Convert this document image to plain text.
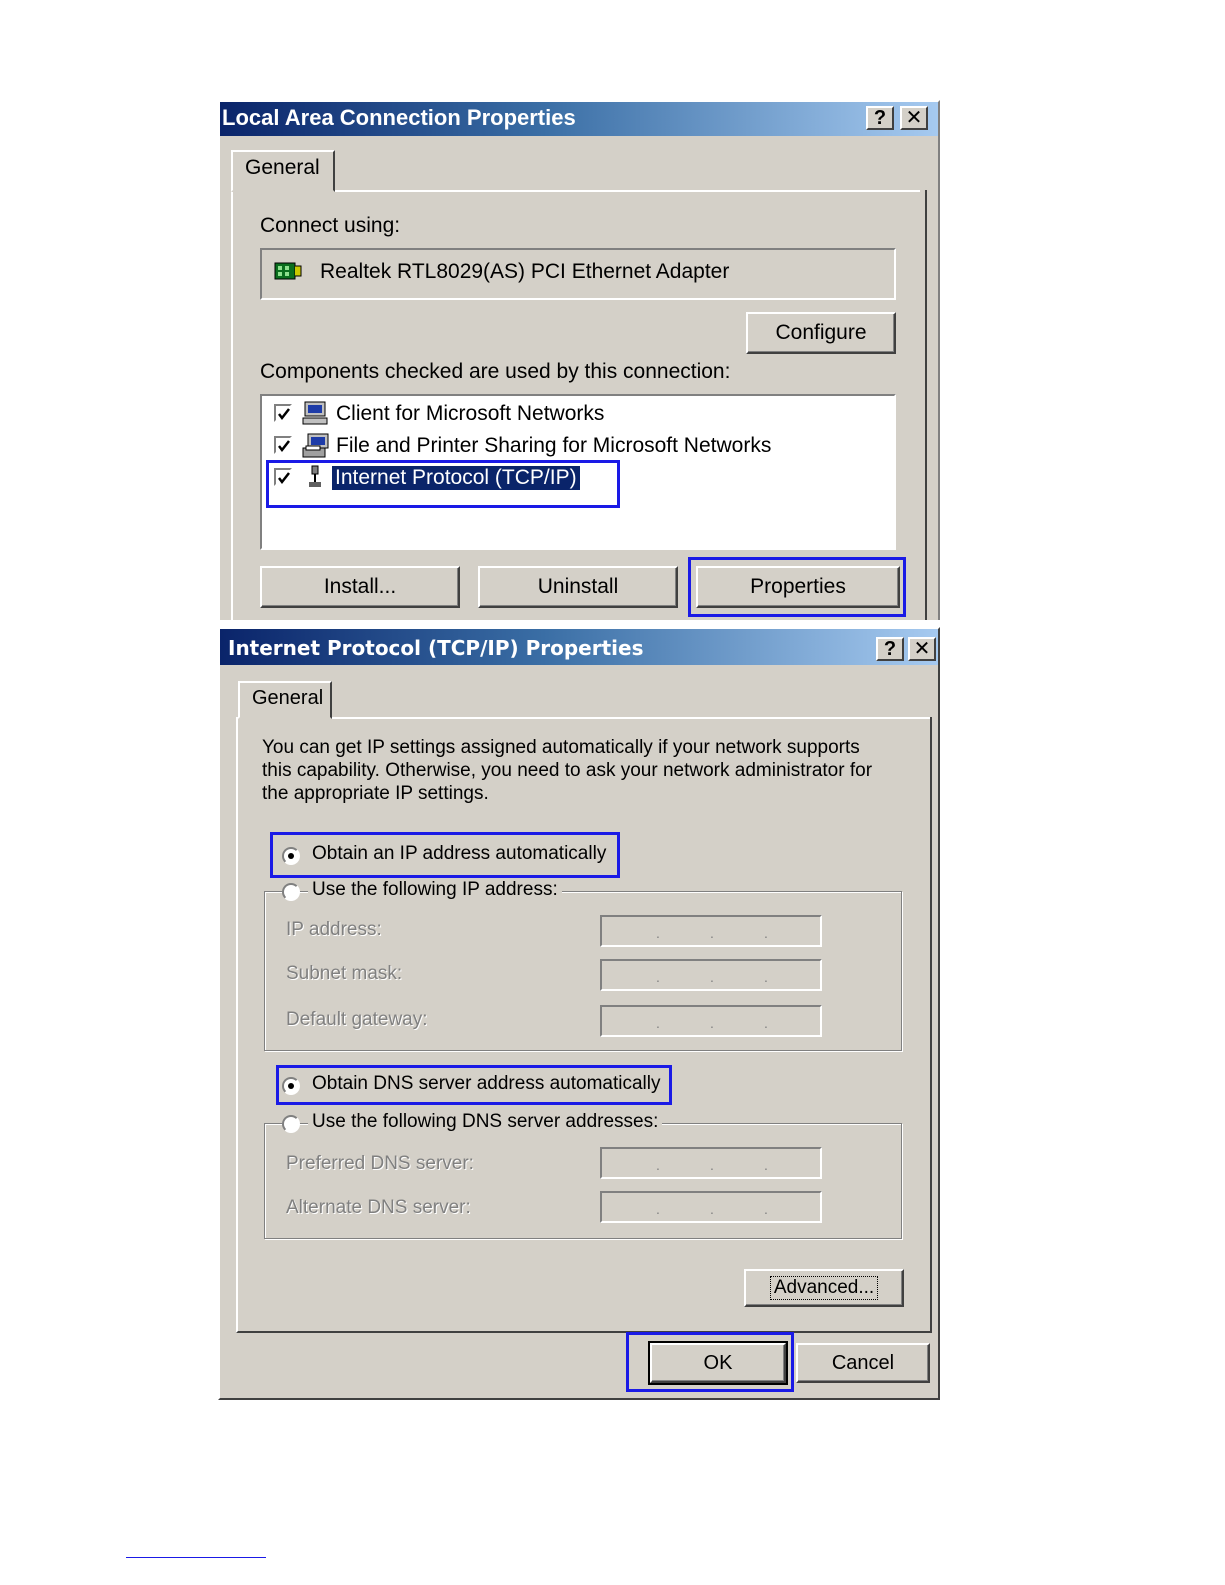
Local Area Connection Properties	? ✕
General
Connect using:
Realtek RTL8029(AS) PCI Ethernet Adapter
Configure
Components checked are used by this connection:
Client for Microsoft Networks
File and Printer Sharing for Microsoft Networks
Internet Protocol (TCP/IP)
Install...	Uninstall	Properties
Internet Protocol (TCP/IP) Properties	? ✕
General
You can get IP settings assigned automatically if your network supports
this capability. Otherwise, you need to ask your network administrator for
the appropriate IP settings.
Obtain an IP address automatically
Use the following IP address:
IP address:	.	.	.
Subnet mask:	.	.	.
Default gateway:	.	.	.
Obtain DNS server address automatically
Use the following DNS server addresses:
Preferred DNS server:	.	.	.
Alternate DNS server:	.	.	.
Advanced...
OK	Cancel
